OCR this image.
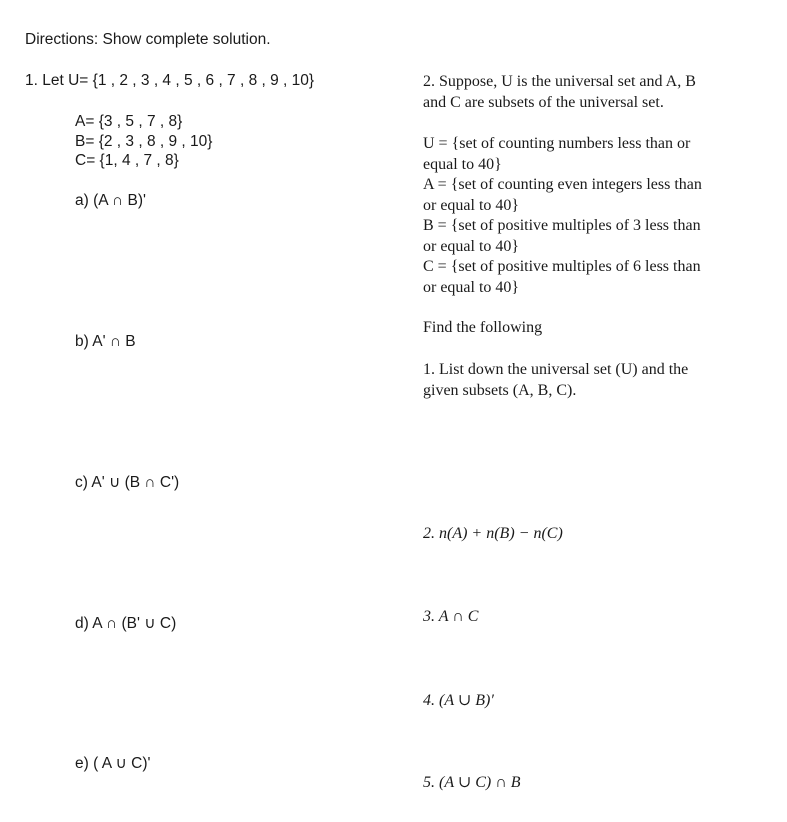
Directions: Show complete solution.
1. Let U= {1 , 2 , 3 , 4 , 5 , 6 , 7 , 8 , 9 , 10}
A= {3 , 5 , 7 , 8}
B= {2 , 3 , 8 , 9 , 10}
C= {1, 4 , 7 , 8}
a) (A ∩ B)'
b) A' ∩ B
c) A' ∪ (B ∩ C')
d) A ∩ (B' ∪ C)
e) ( A ∪ C)'
2. Suppose, U is the universal set and A, B
and C are subsets of the universal set.
U = {set of counting numbers less than or
equal to 40}
A = {set of counting even integers less than
or equal to 40}
B = {set of positive multiples of 3 less than
or equal to 40}
C = {set of positive multiples of 6 less than
or equal to 40}
Find the following
1. List down the universal set (U) and the
given subsets (A, B, C).
2. n(A) + n(B) − n(C)
3. A ∩ C
4. (A ∪ B)′
5. (A ∪ C) ∩ B
